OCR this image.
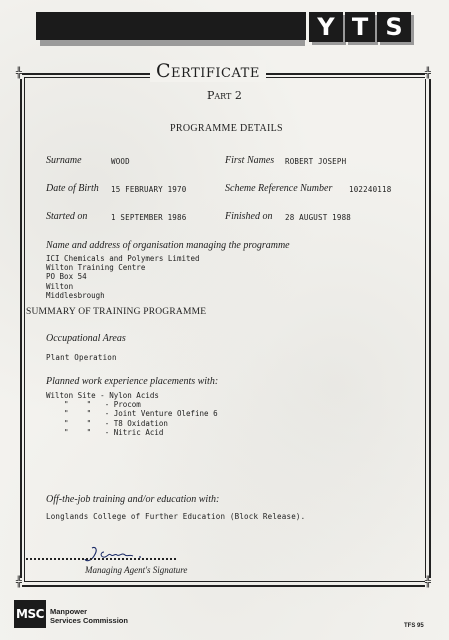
Y T S
╬	╬
╬	╬
Certificate
Part 2
PROGRAMME DETAILS
Surname	WOOD	First Names ROBERT JOSEPH
Date of Birth 15 FEBRUARY 1970	Scheme Reference Number 102240118
Started on	1 SEPTEMBER 1986	Finished on 28 AUGUST 1988
Name and address of organisation managing the programme
ICI Chemicals and Polymers Limited
Wilton Training Centre
PO Box 54
Wilton
Middlesbrough
SUMMARY OF TRAINING PROGRAMME
Occupational Areas
Plant Operation
Planned work experience placements with:
Wilton Site - Nylon Acids
"    "   - Procom
"    "   - Joint Venture Olefine 6
"    "   - T8 Oxidation
"    "   - Nitric Acid
Off-the-job training and/or education with:
Longlands College of Further Education (Block Release).
Managing Agent's Signature
MSC Manpower
Services Commission
TFS 95
